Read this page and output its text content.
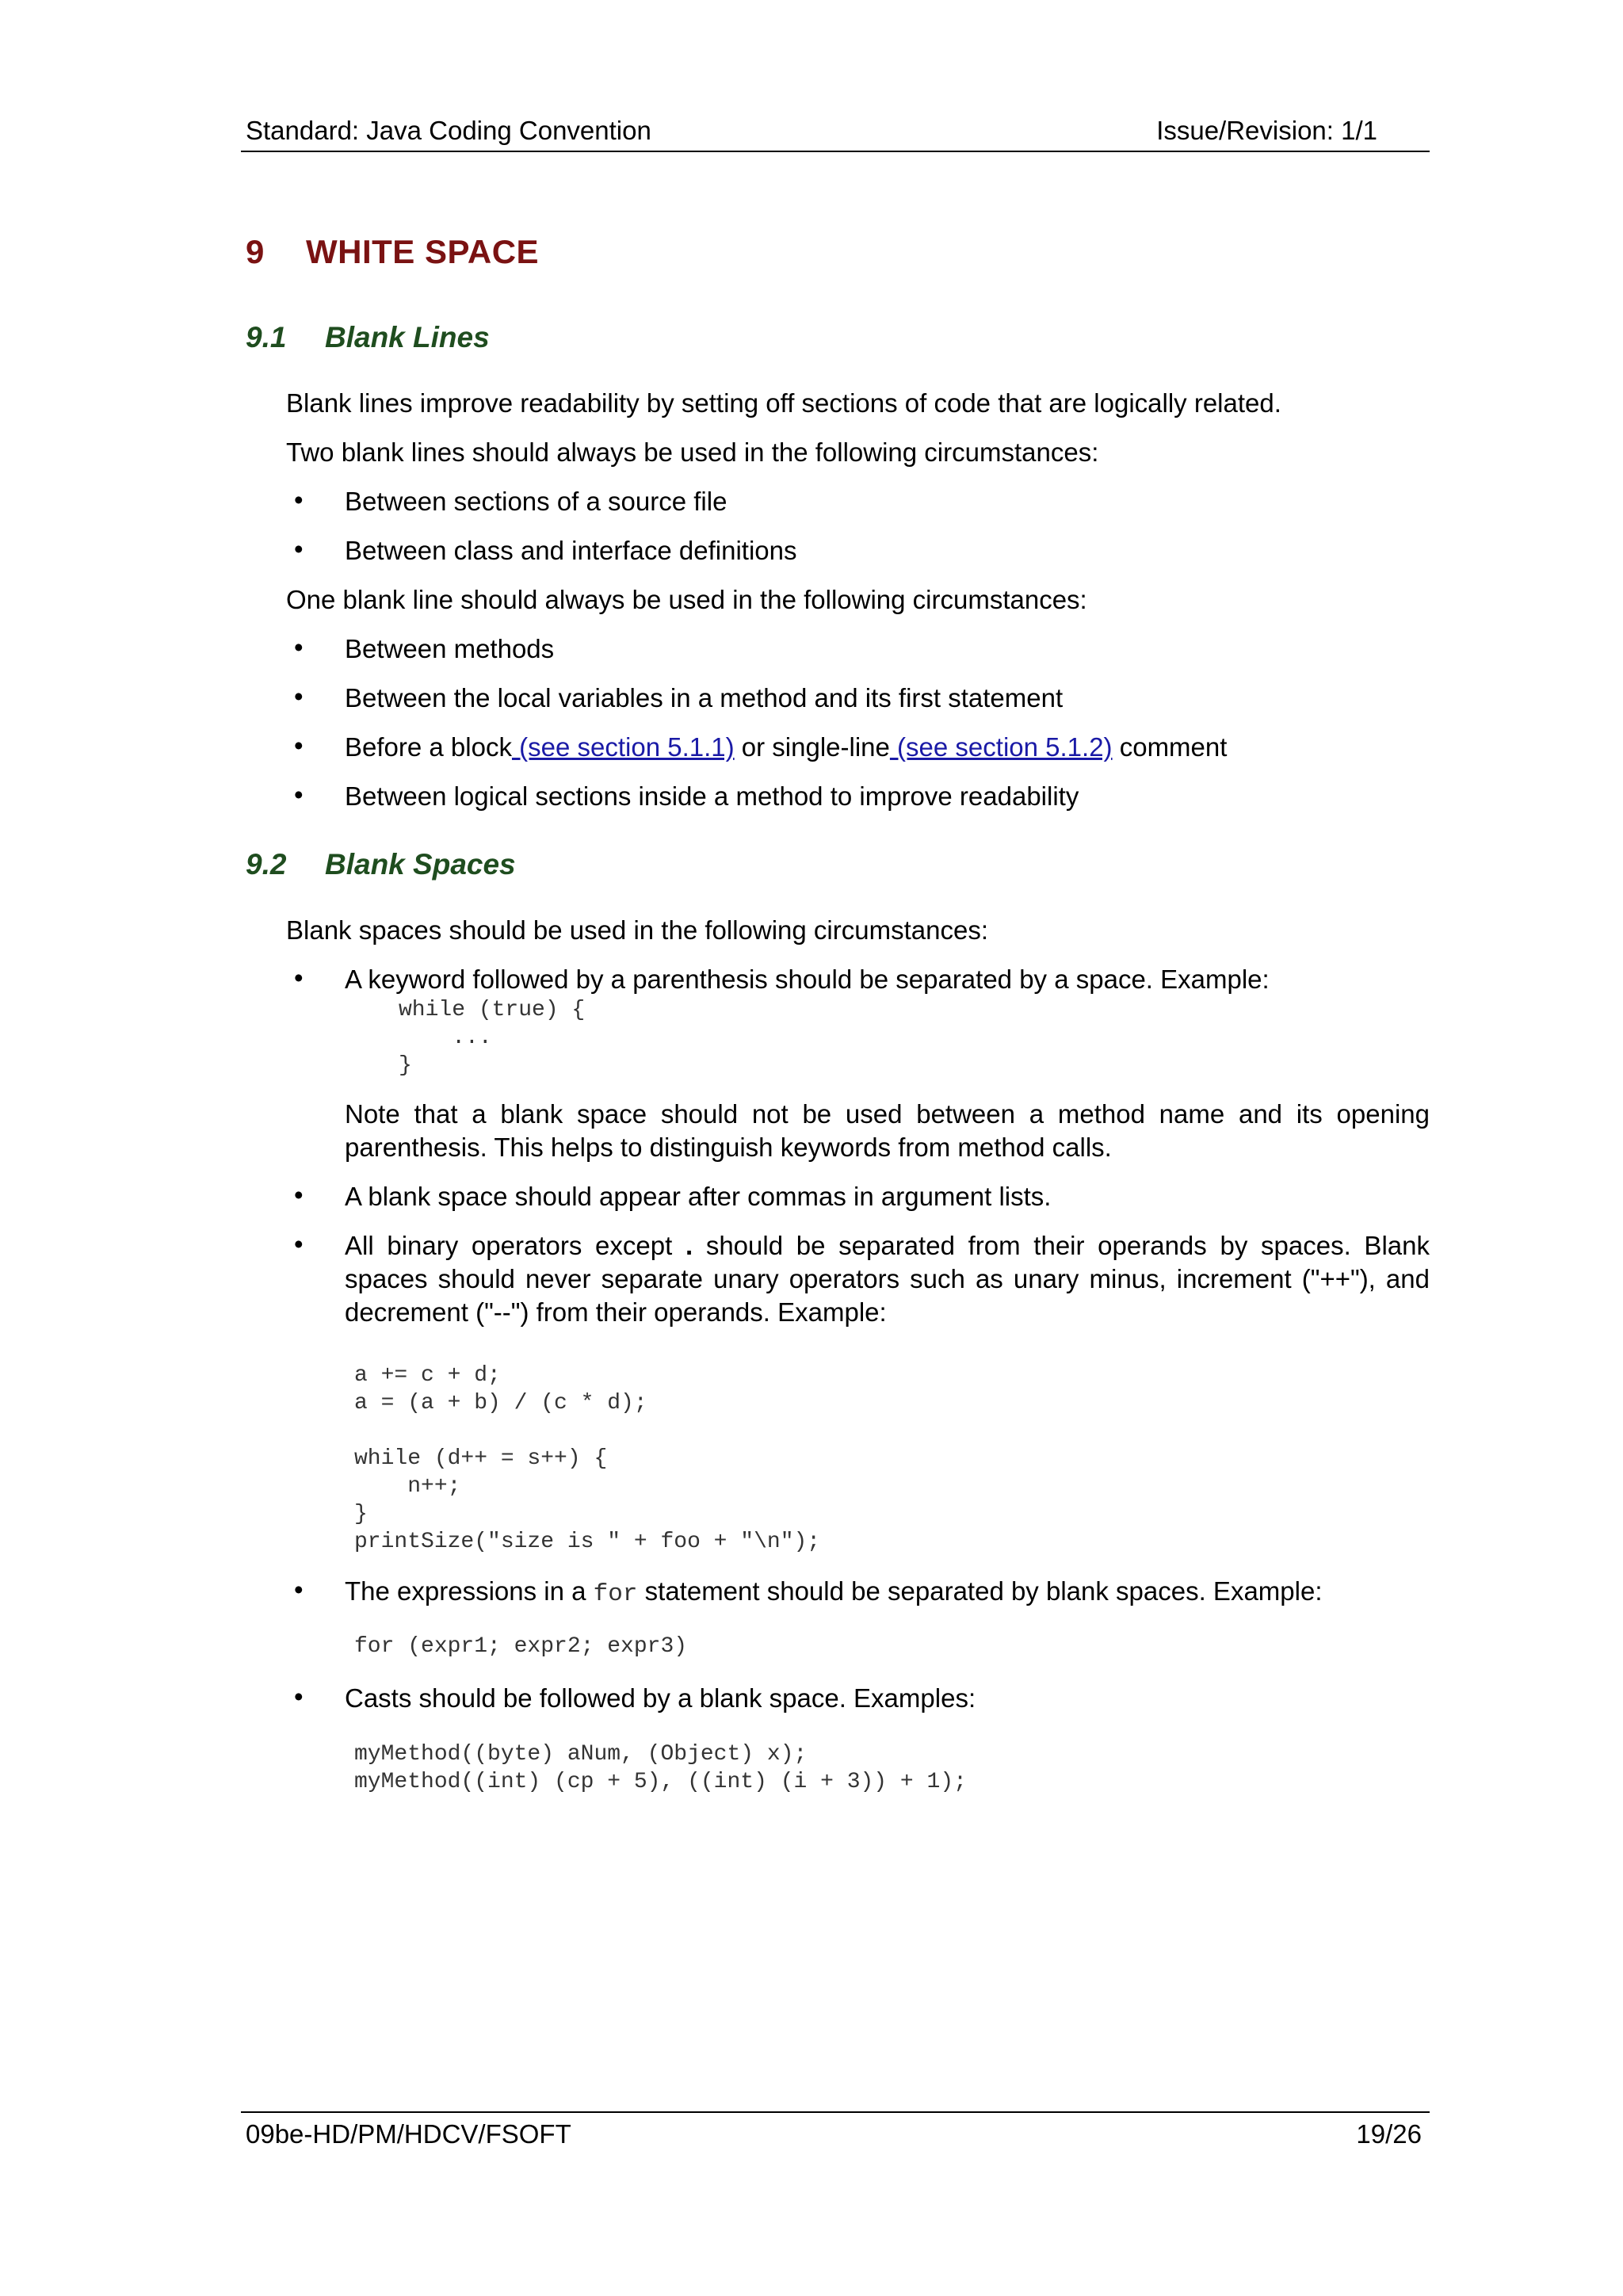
Standard: Java Coding Convention	Issue/Revision: 1/1
9 WHITE SPACE
9.1 Blank Lines

Blank lines improve readability by setting off sections of code that are logically related.

Two blank lines should always be used in the following circumstances:

• Between sections of a source file

• Between class and interface definitions

One blank line should always be used in the following circumstances:

• Between methods

• Between the local variables in a method and its first statement

• Before a block (see section 5.1.1) or single-line (see section 5.1.2) comment

• Between logical sections inside a method to improve readability

9.2 Blank Spaces

Blank spaces should be used in the following circumstances:

• A keyword followed by a parenthesis should be separated by a space. Example:

while (true) {
...
}

Note that a blank space should not be used between a method name and its opening parenthesis. This helps to distinguish keywords from method calls.

• A blank space should appear after commas in argument lists.

• All binary operators except . should be separated from their operands by spaces. Blank spaces should never separate unary operators such as unary minus, increment ("++"), and decrement ("--") from their operands. Example:

a += c + d;
a = (a + b) / (c * d);

while (d++ = s++) {
n++;
}
printSize("size is " + foo + "\n");
• The expressions in a for statement should be separated by blank spaces. Example:

for (expr1; expr2; expr3)
• Casts should be followed by a blank space. Examples:

myMethod((byte) aNum, (Object) x);
myMethod((int) (cp + 5), ((int) (i + 3)) + 1);
09be-HD/PM/HDCV/FSOFT	19/26
